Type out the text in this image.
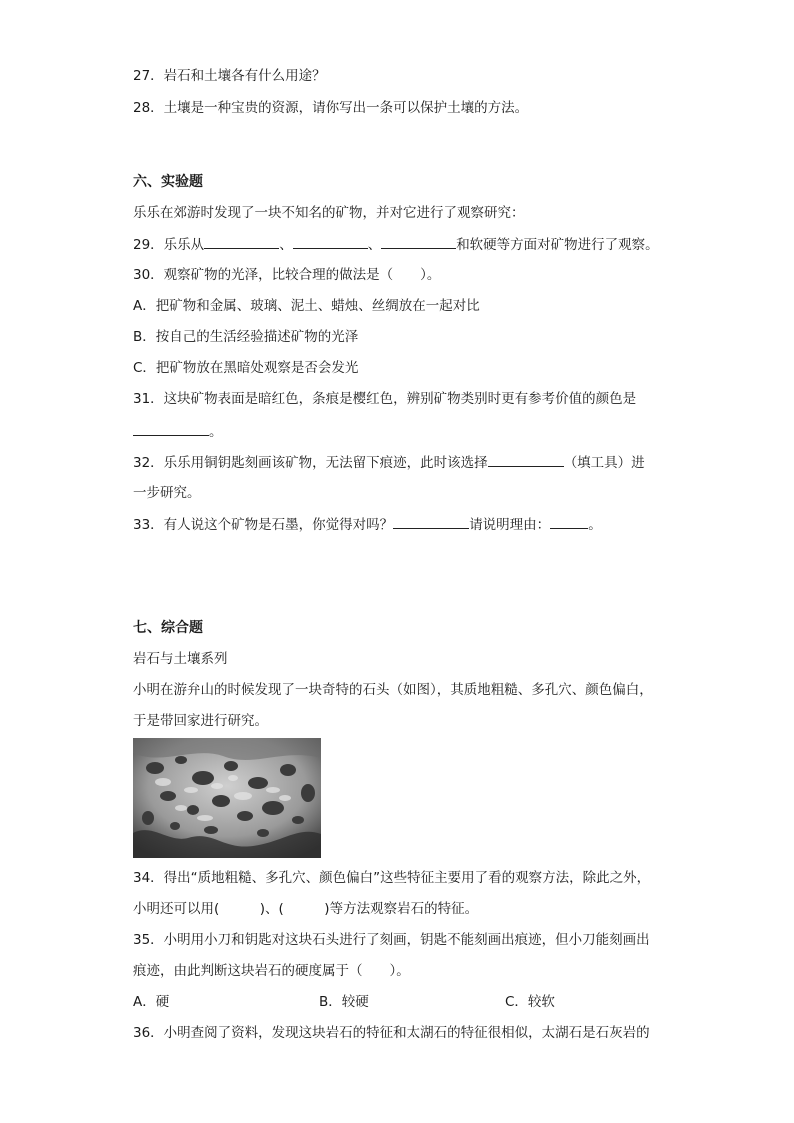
27．岩石和土壤各有什么用途？
28．土壤是一种宝贵的资源，请你写出一条可以保护土壤的方法。
六、实验题
乐乐在郊游时发现了一块不知名的矿物，并对它进行了观察研究：
29．乐乐从	、	、	和软硬等方面对矿物进行了观察。
30．观察矿物的光泽，比较合理的做法是（　　）。
A．把矿物和金属、玻璃、泥土、蜡烛、丝绸放在一起对比
B．按自己的生活经验描述矿物的光泽
C．把矿物放在黑暗处观察是否会发光
31．这块矿物表面是暗红色，条痕是樱红色，辨别矿物类别时更有参考价值的颜色是
。
32．乐乐用铜钥匙刻画该矿物，无法留下痕迹，此时该选择	（填工具）进
一步研究。
33．有人说这个矿物是石墨，你觉得对吗？	请说明理由：	。
七、综合题
岩石与土壤系列
小明在游弁山的时候发现了一块奇特的石头（如图），其质地粗糙、多孔穴、颜色偏白，
于是带回家进行研究。
34．得出“质地粗糙、多孔穴、颜色偏白”这些特征主要用了看的观察方法，除此之外，
小明还可以用(　　　)、(　　　)等方法观察岩石的特征。
35．小明用小刀和钥匙对这块石头进行了刻画，钥匙不能刻画出痕迹，但小刀能刻画出
痕迹，由此判断这块岩石的硬度属于（　　）。
A．硬	B．较硬	C．较软
36．小明查阅了资料，发现这块岩石的特征和太湖石的特征很相似，太湖石是石灰岩的
